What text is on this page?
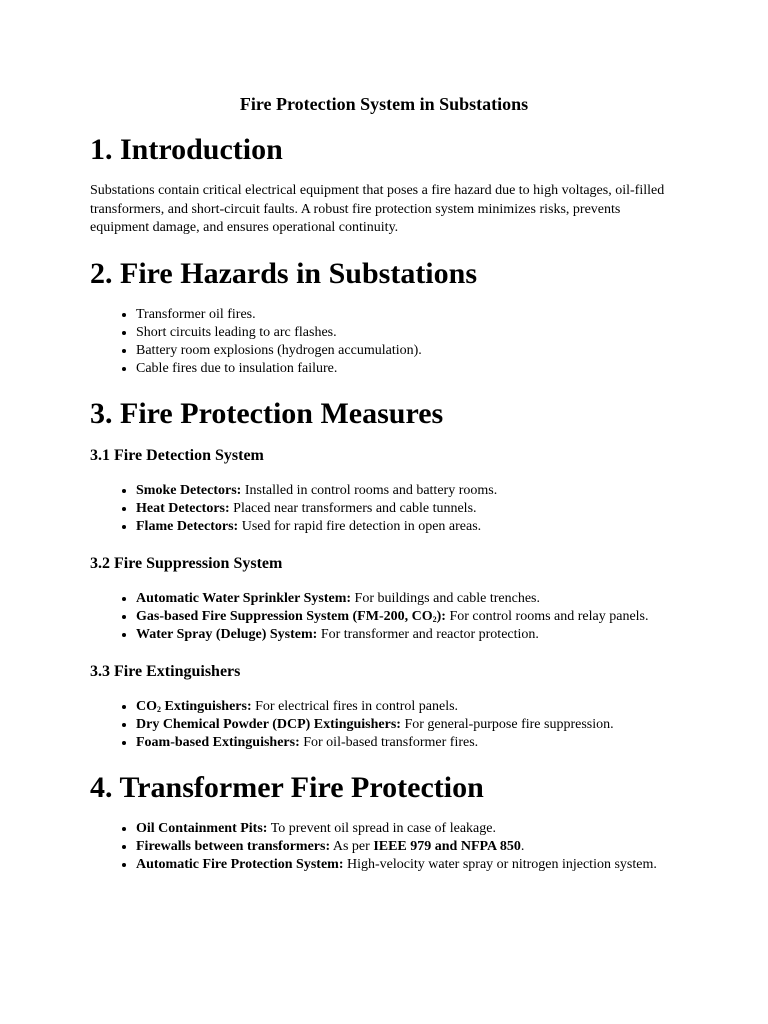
Fire Protection System in Substations
1. Introduction

Substations contain critical electrical equipment that poses a fire hazard due to high voltages, oil-filled transformers, and short-circuit faults. A robust fire protection system minimizes risks, prevents equipment damage, and ensures operational continuity.

2. Fire Hazards in Substations
• Transformer oil fires.
• Short circuits leading to arc flashes.
• Battery room explosions (hydrogen accumulation).
• Cable fires due to insulation failure.
3. Fire Protection Measures
3.1 Fire Detection System
• Smoke Detectors: Installed in control rooms and battery rooms.
• Heat Detectors: Placed near transformers and cable tunnels.
• Flame Detectors: Used for rapid fire detection in open areas.
3.2 Fire Suppression System
• Automatic Water Sprinkler System: For buildings and cable trenches.
• Gas-based Fire Suppression System (FM-200, $CO_2$): For control rooms and relay panels.
• Water Spray (Deluge) System: For transformer and reactor protection.
3.3 Fire Extinguishers
• $CO_2$ Extinguishers: For electrical fires in control panels.
• Dry Chemical Powder (DCP) Extinguishers: For general-purpose fire suppression.
• Foam-based Extinguishers: For oil-based transformer fires.
4. Transformer Fire Protection
• Oil Containment Pits: To prevent oil spread in case of leakage.
• Firewalls between transformers: As per IEEE 979 and NFPA 850.
• Automatic Fire Protection System: High-velocity water spray or nitrogen injection system.
